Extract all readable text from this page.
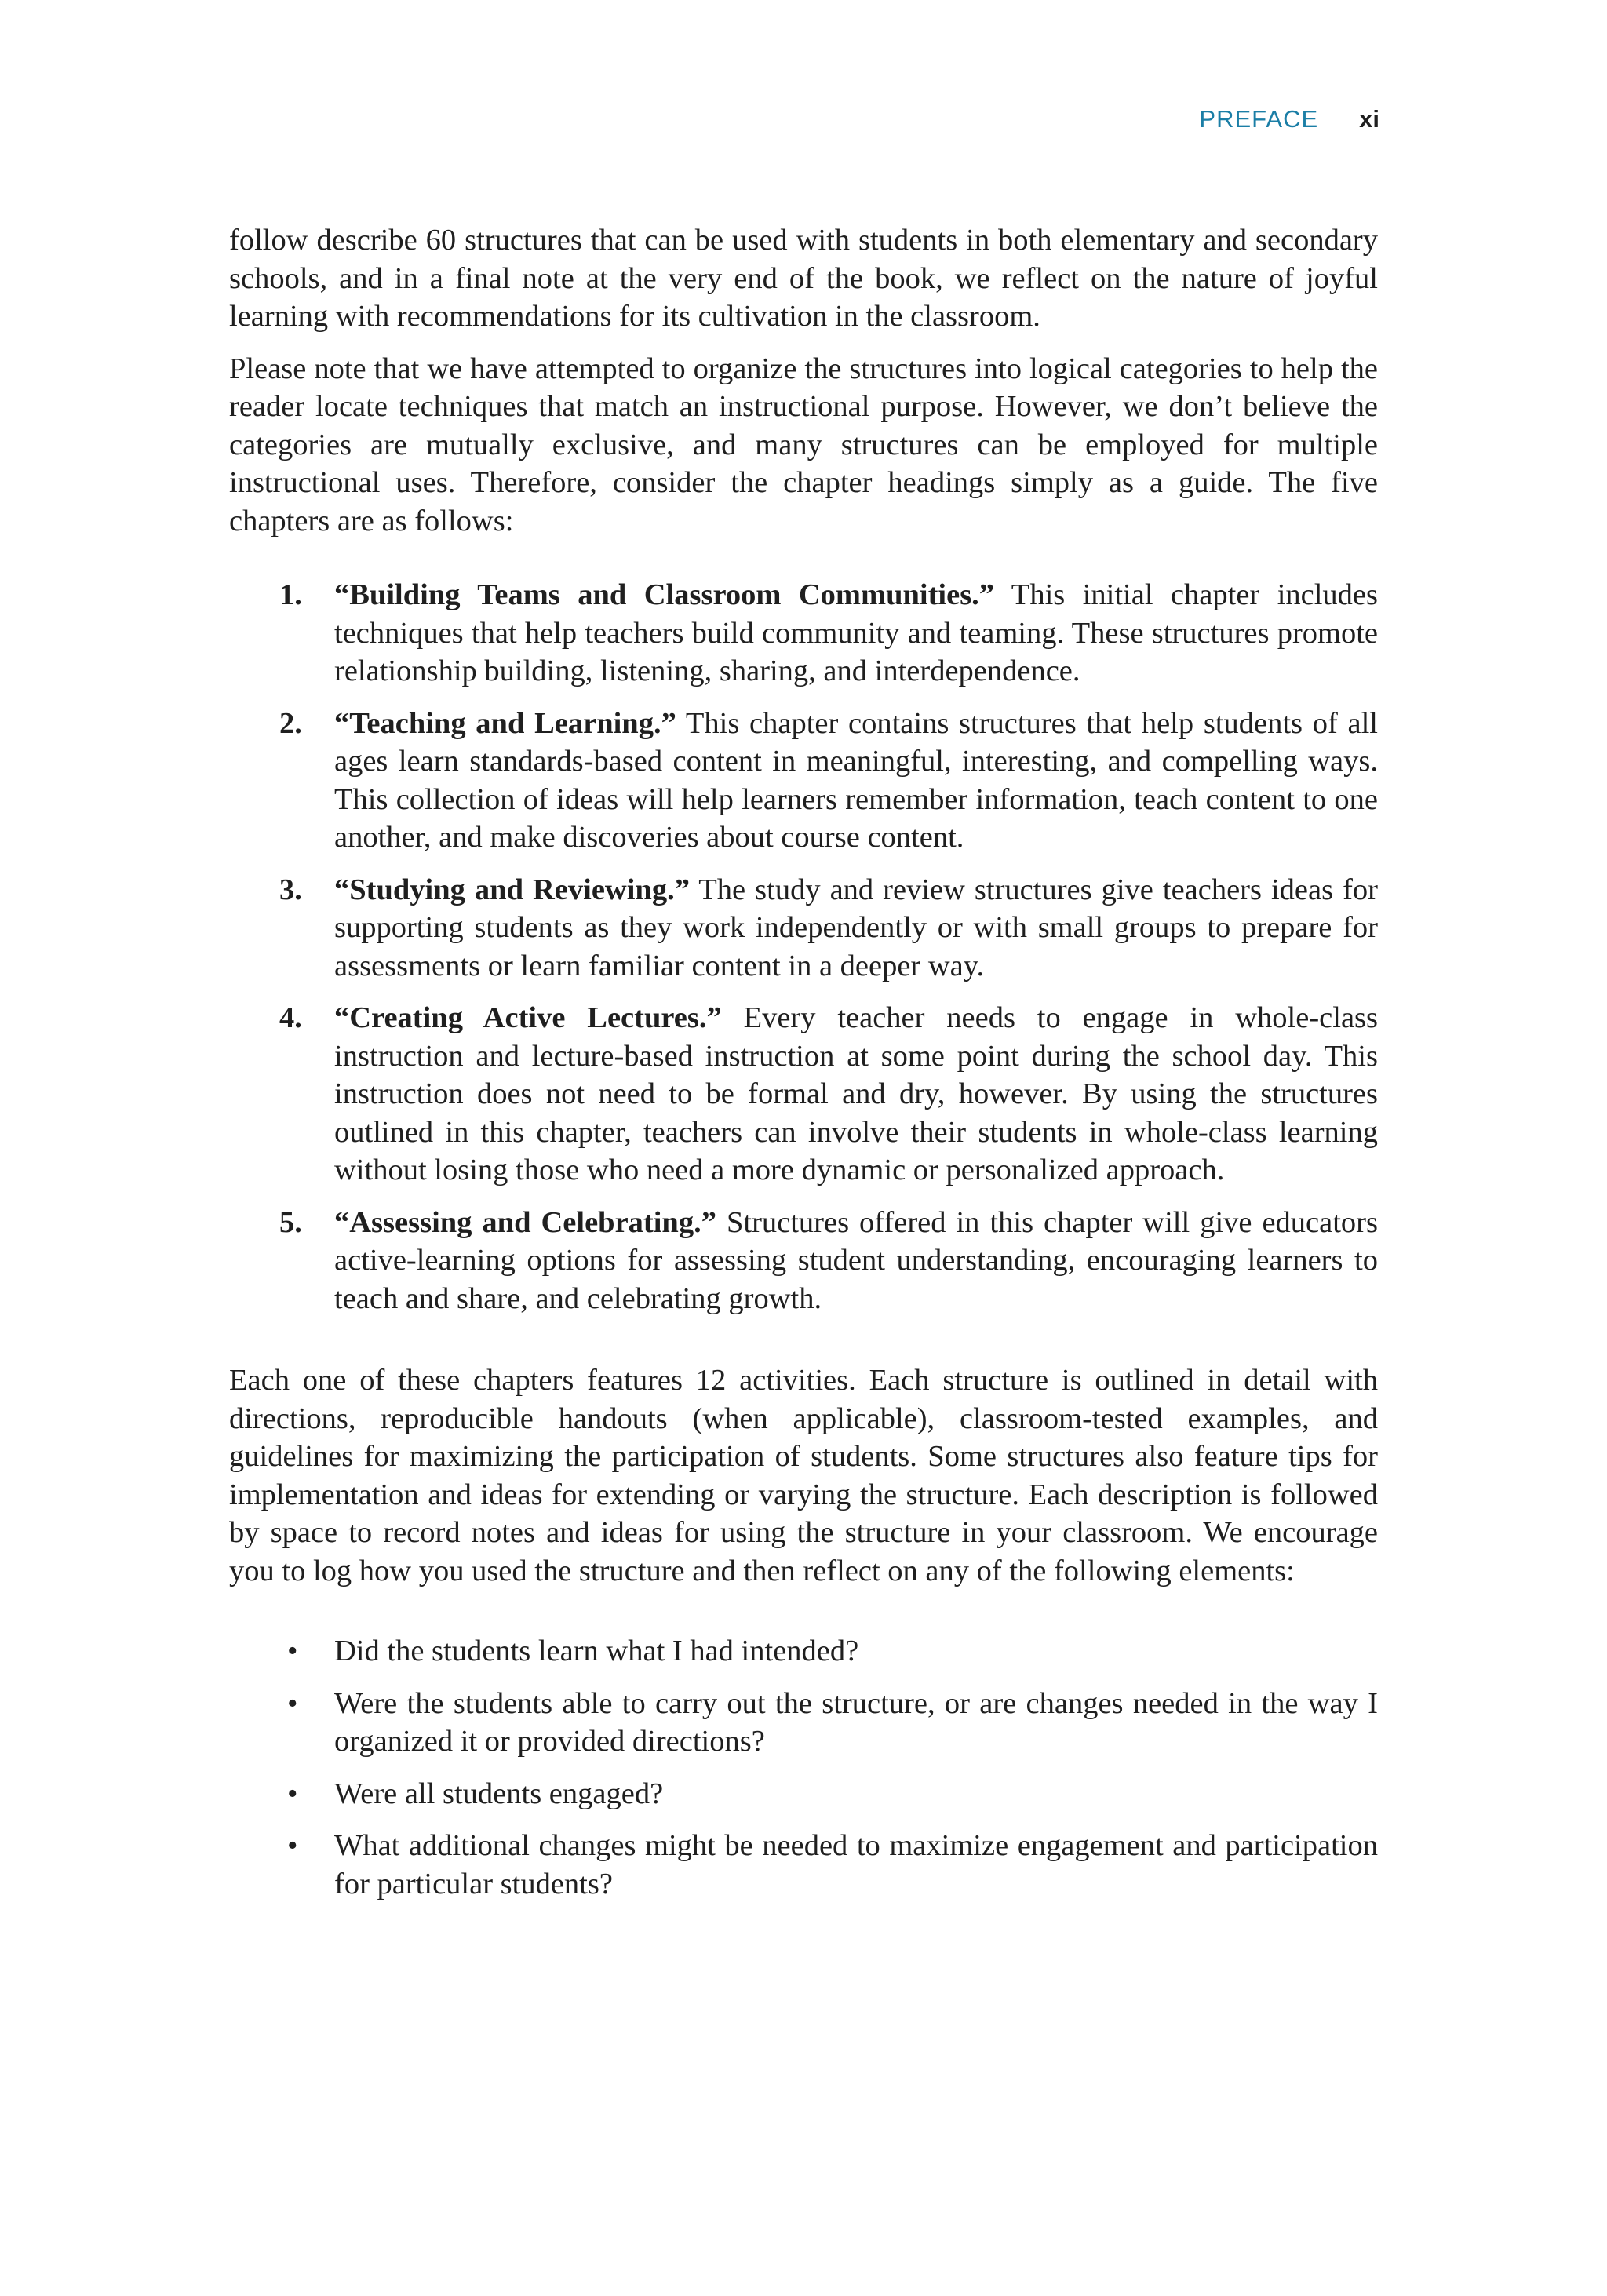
PREFACE xi

follow describe 60 structures that can be used with students in both elementary and secondary schools, and in a final note at the very end of the book, we reflect on the nature of joyful learning with recommendations for its cultivation in the classroom.

Please note that we have attempted to organize the structures into logical categories to help the reader locate techniques that match an instructional purpose. However, we don’t believe the categories are mutually exclusive, and many structures can be employed for multiple instructional uses. Therefore, consider the chapter headings simply as a guide. The five chapters are as follows:

1. “Building Teams and Classroom Communities.” This initial chapter includes techniques that help teachers build community and teaming. These structures promote relationship building, listening, sharing, and interdependence.
2. “Teaching and Learning.” This chapter contains structures that help students of all ages learn standards-based content in meaningful, interesting, and compelling ways. This collection of ideas will help learners remember information, teach content to one another, and make discoveries about course content.
3. “Studying and Reviewing.” The study and review structures give teachers ideas for supporting students as they work independently or with small groups to prepare for assessments or learn familiar content in a deeper way.
4. “Creating Active Lectures.” Every teacher needs to engage in whole-class instruction and lecture-based instruction at some point during the school day. This instruction does not need to be formal and dry, however. By using the structures outlined in this chapter, teachers can involve their students in whole-class learning without losing those who need a more dynamic or personalized approach.
5. “Assessing and Celebrating.” Structures offered in this chapter will give educators active-learning options for assessing student understanding, encouraging learners to teach and share, and celebrating growth.

Each one of these chapters features 12 activities. Each structure is outlined in detail with directions, reproducible handouts (when applicable), classroom-tested examples, and guidelines for maximizing the participation of students. Some structures also feature tips for implementation and ideas for extending or varying the structure. Each description is followed by space to record notes and ideas for using the structure in your classroom. We encourage you to log how you used the structure and then reflect on any of the following elements:

• Did the students learn what I had intended?
• Were the students able to carry out the structure, or are changes needed in the way I organized it or provided directions?
• Were all students engaged?
• What additional changes might be needed to maximize engagement and participation for particular students?
